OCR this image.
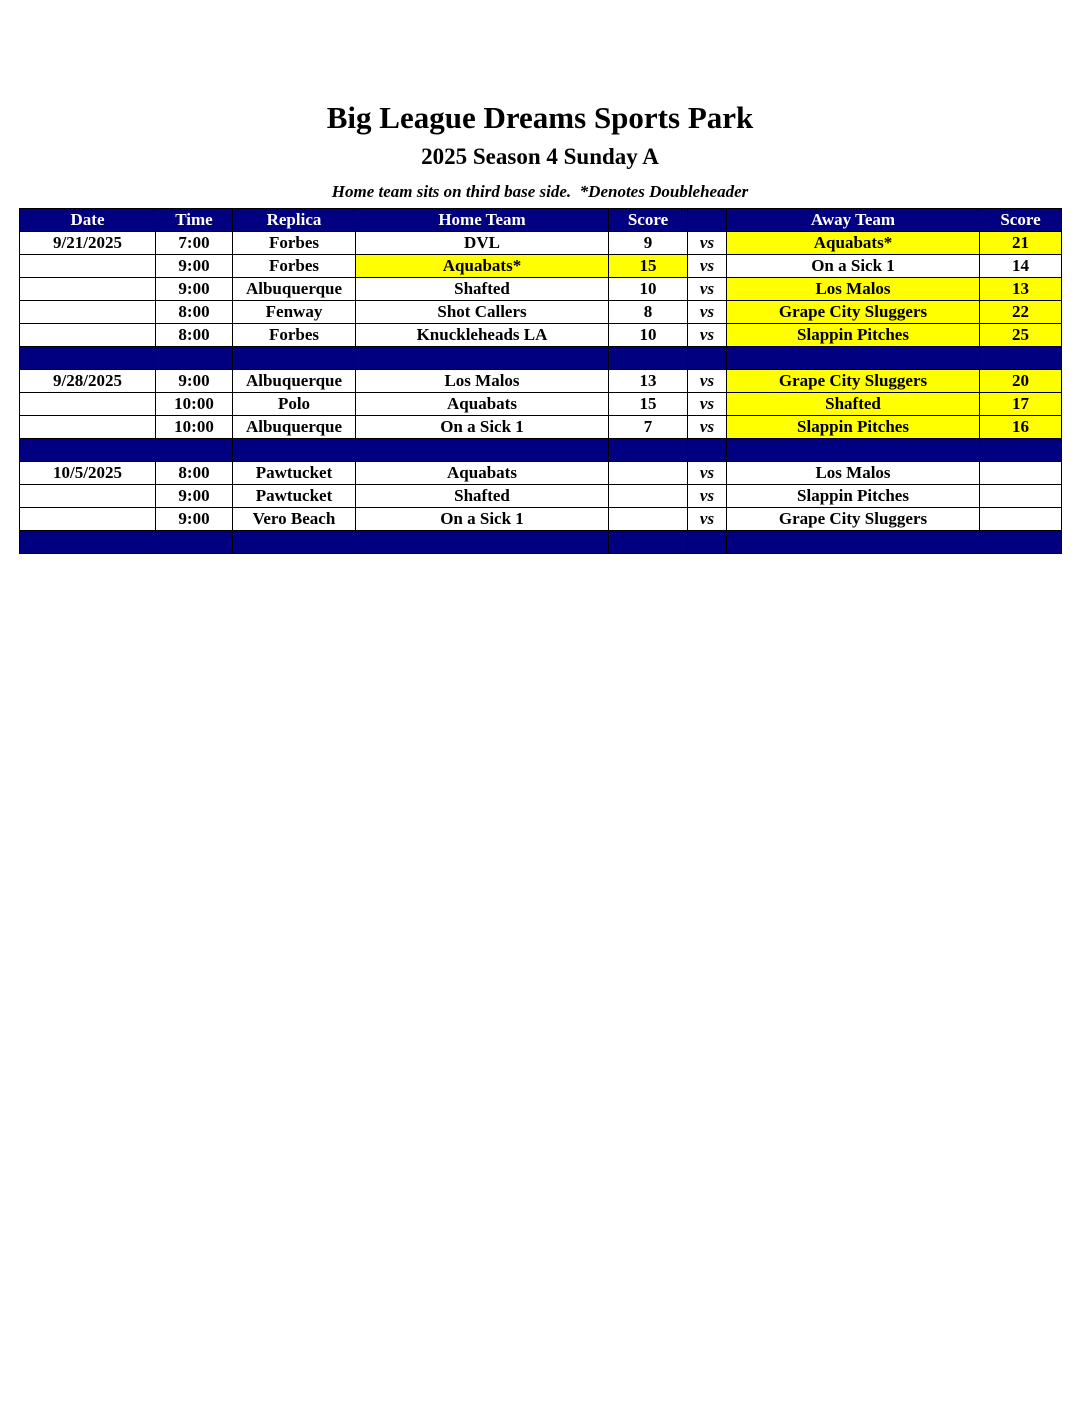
Big League Dreams Sports Park
2025 Season 4 Sunday A
Home team sits on third base side.  *Denotes Doubleheader
Date	Time	Replica	Home Team	Score		Away Team	Score
9/21/2025	7:00	Forbes	DVL	9	vs	Aquabats*	21
	9:00	Forbes	Aquabats*	15	vs	On a Sick 1	14
	9:00	Albuquerque	Shafted	10	vs	Los Malos	13
	8:00	Fenway	Shot Callers	8	vs	Grape City Sluggers	22
	8:00	Forbes	Knuckleheads LA	10	vs	Slappin Pitches	25

9/28/2025	9:00	Albuquerque	Los Malos	13	vs	Grape City Sluggers	20
	10:00	Polo	Aquabats	15	vs	Shafted	17
	10:00	Albuquerque	On a Sick 1	7	vs	Slappin Pitches	16

10/5/2025	8:00	Pawtucket	Aquabats		vs	Los Malos	
	9:00	Pawtucket	Shafted		vs	Slappin Pitches	
	9:00	Vero Beach	On a Sick 1		vs	Grape City Sluggers	
